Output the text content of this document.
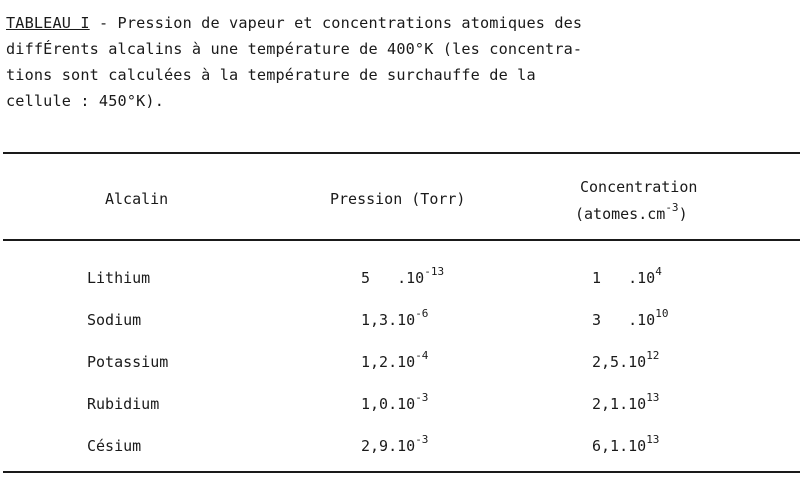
TABLEAU I - Pression de vapeur et concentrations atomiques des
diffÉrents alcalins à une température de 400°K (les concentra-
tions sont calculées à la température de surchauffe de la
cellule : 450°K).
Alcalin	Pression (Torr)
Concentration
$(atomes.cm^{-3})$
Lithium	5   $.10^{-13}$	1   $.10^4$
Sodium	$1,3.10^{-6}$	3   $.10^{10}$
Potassium	$1,2.10^{-4}$	2,5.10$^{12}$
Rubidium	$1,0.10^{-3}$	2,1.10$^{13}$
Césium	$2,9.10^{-3}$	6,1.10$^{13}$
